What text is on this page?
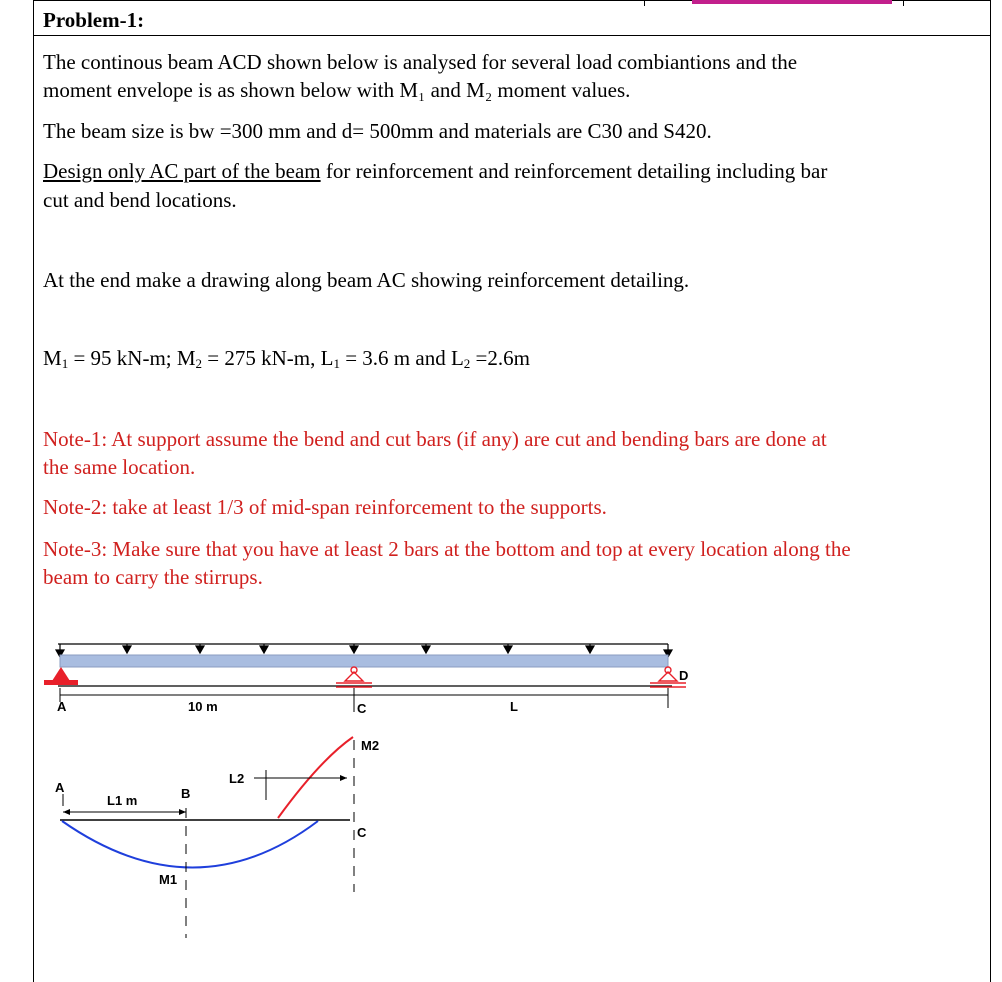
Problem-1:
The continous beam ACD shown below is analysed for several load combiantions and the
moment envelope is as shown below with M₁ and M₂ moment values.
The beam size is bw =300 mm and d= 500mm and materials are C30 and S420.
Design only AC part of the beam for reinforcement and reinforcement detailing including bar
cut and bend locations.
At the end make a drawing along beam AC showing reinforcement detailing.
$M_1 = 95$ kN-m; $M_2 = 275$ kN-m, $L_1 = 3.6$ m and $L_2 =2.6m$
Note-1: At support assume the bend and cut bars (if any) are cut and bending bars are done at
the same location.
Note-2: take at least 1/3 of mid-span reinforcement to the supports.
Note-3: Make sure that you have at least 2 bars at the bottom and top at every location along the
beam to carry the stirrups.
A	10 m	C	L
D
A
L1 m	B
L2
C
M1
M2
